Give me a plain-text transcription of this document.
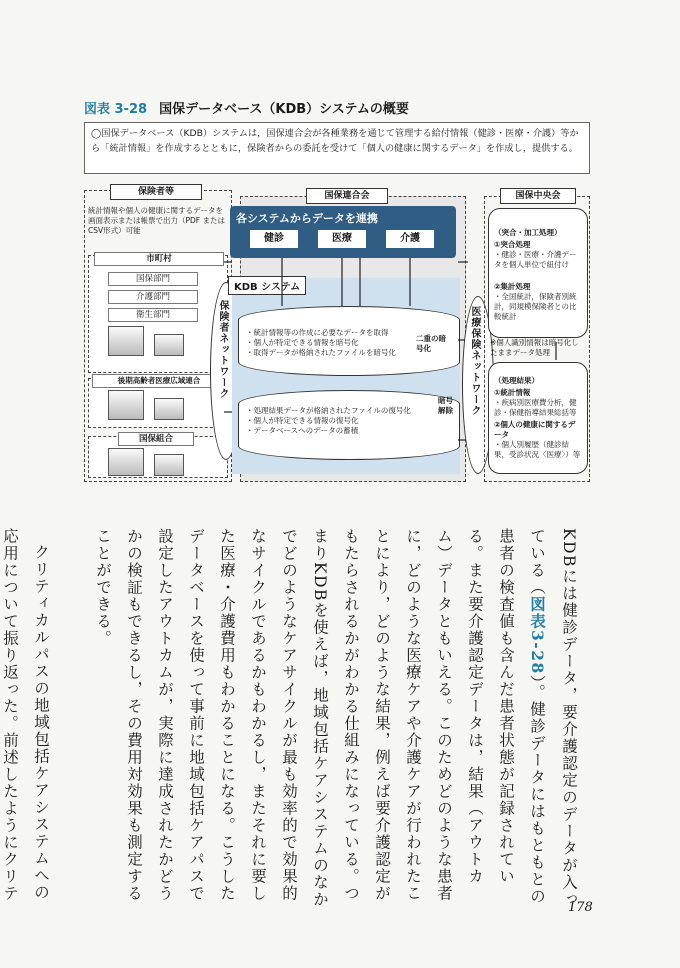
図表 3-28 国保データベース（KDB）システムの概要
◯国保データベース（KDB）システムは，国保連合会が各種業務を通じて管理する給付情報（健診・医療・介護）等から「統計情報」を作成するとともに，保険者からの委託を受けて「個人の健康に関するデータ」を作成し，提供する。
保険者等
統計情報や個人の健康に関するデータを画面表示または帳票で出力（PDF またはCSV形式）可能
市町村
国保部門
介護部門
衛生部門
後期高齢者医療広域連合
国保組合
保険者ネットワーク
国保連合会
各システムからデータを連携
健診	医療	介護
KDB システム
・統計情報等の作成に必要なデータを取得
・個人が特定できる情報を暗号化
・取得データが格納されたファイルを暗号化
二重の暗号化
・処理結果データが格納されたファイルの復号化
・個人が特定できる情報の復号化
・データベースへのデータの蓄積
暗号解除 医療保険ネットワーク
国保中央会
（突合・加工処理）
①突合処理
・健診・医療・介護データを個人単位で紐付け
②集計処理
・全国統計，保険者別統計，同規模保険者との比較統計
※個人識別情報は暗号化したままデータ処理
（処理結果）
①統計情報
・疾病別医療費分析，健診・保健指導結果総括等
②個人の健康に関するデータ
・個人別履歴（健診結果，受診状況〈医療〉）等

KDBには健診データ，要介護認定のデータが入っている（図表3-28）。健診データにはもともとの患者の検査値も含んだ患者状態が記録されている。また要介護認定データは，結果（アウトカム）データともいえる。このためどのような患者に，どのような医療ケアや介護ケアが行われたことにより，どのような結果，例えば要介護認定がもたらされるかがわかる仕組みになっている。つまりKDBを使えば，地域包括ケアシステムのなかでどのようなケアサイクルが最も効率的で効果的なサイクルであるかもわかるし，またそれに要した医療・介護費用もわかることになる。こうしたデータベースを使って事前に地域包括ケアパスで設定したアウトカムが，実際に達成されたかどうかの検証もできるし，その費用対効果も測定することができる。

クリティカルパスの地域包括ケアシステムへの応用について振り返った。前述したようにクリテ

178
